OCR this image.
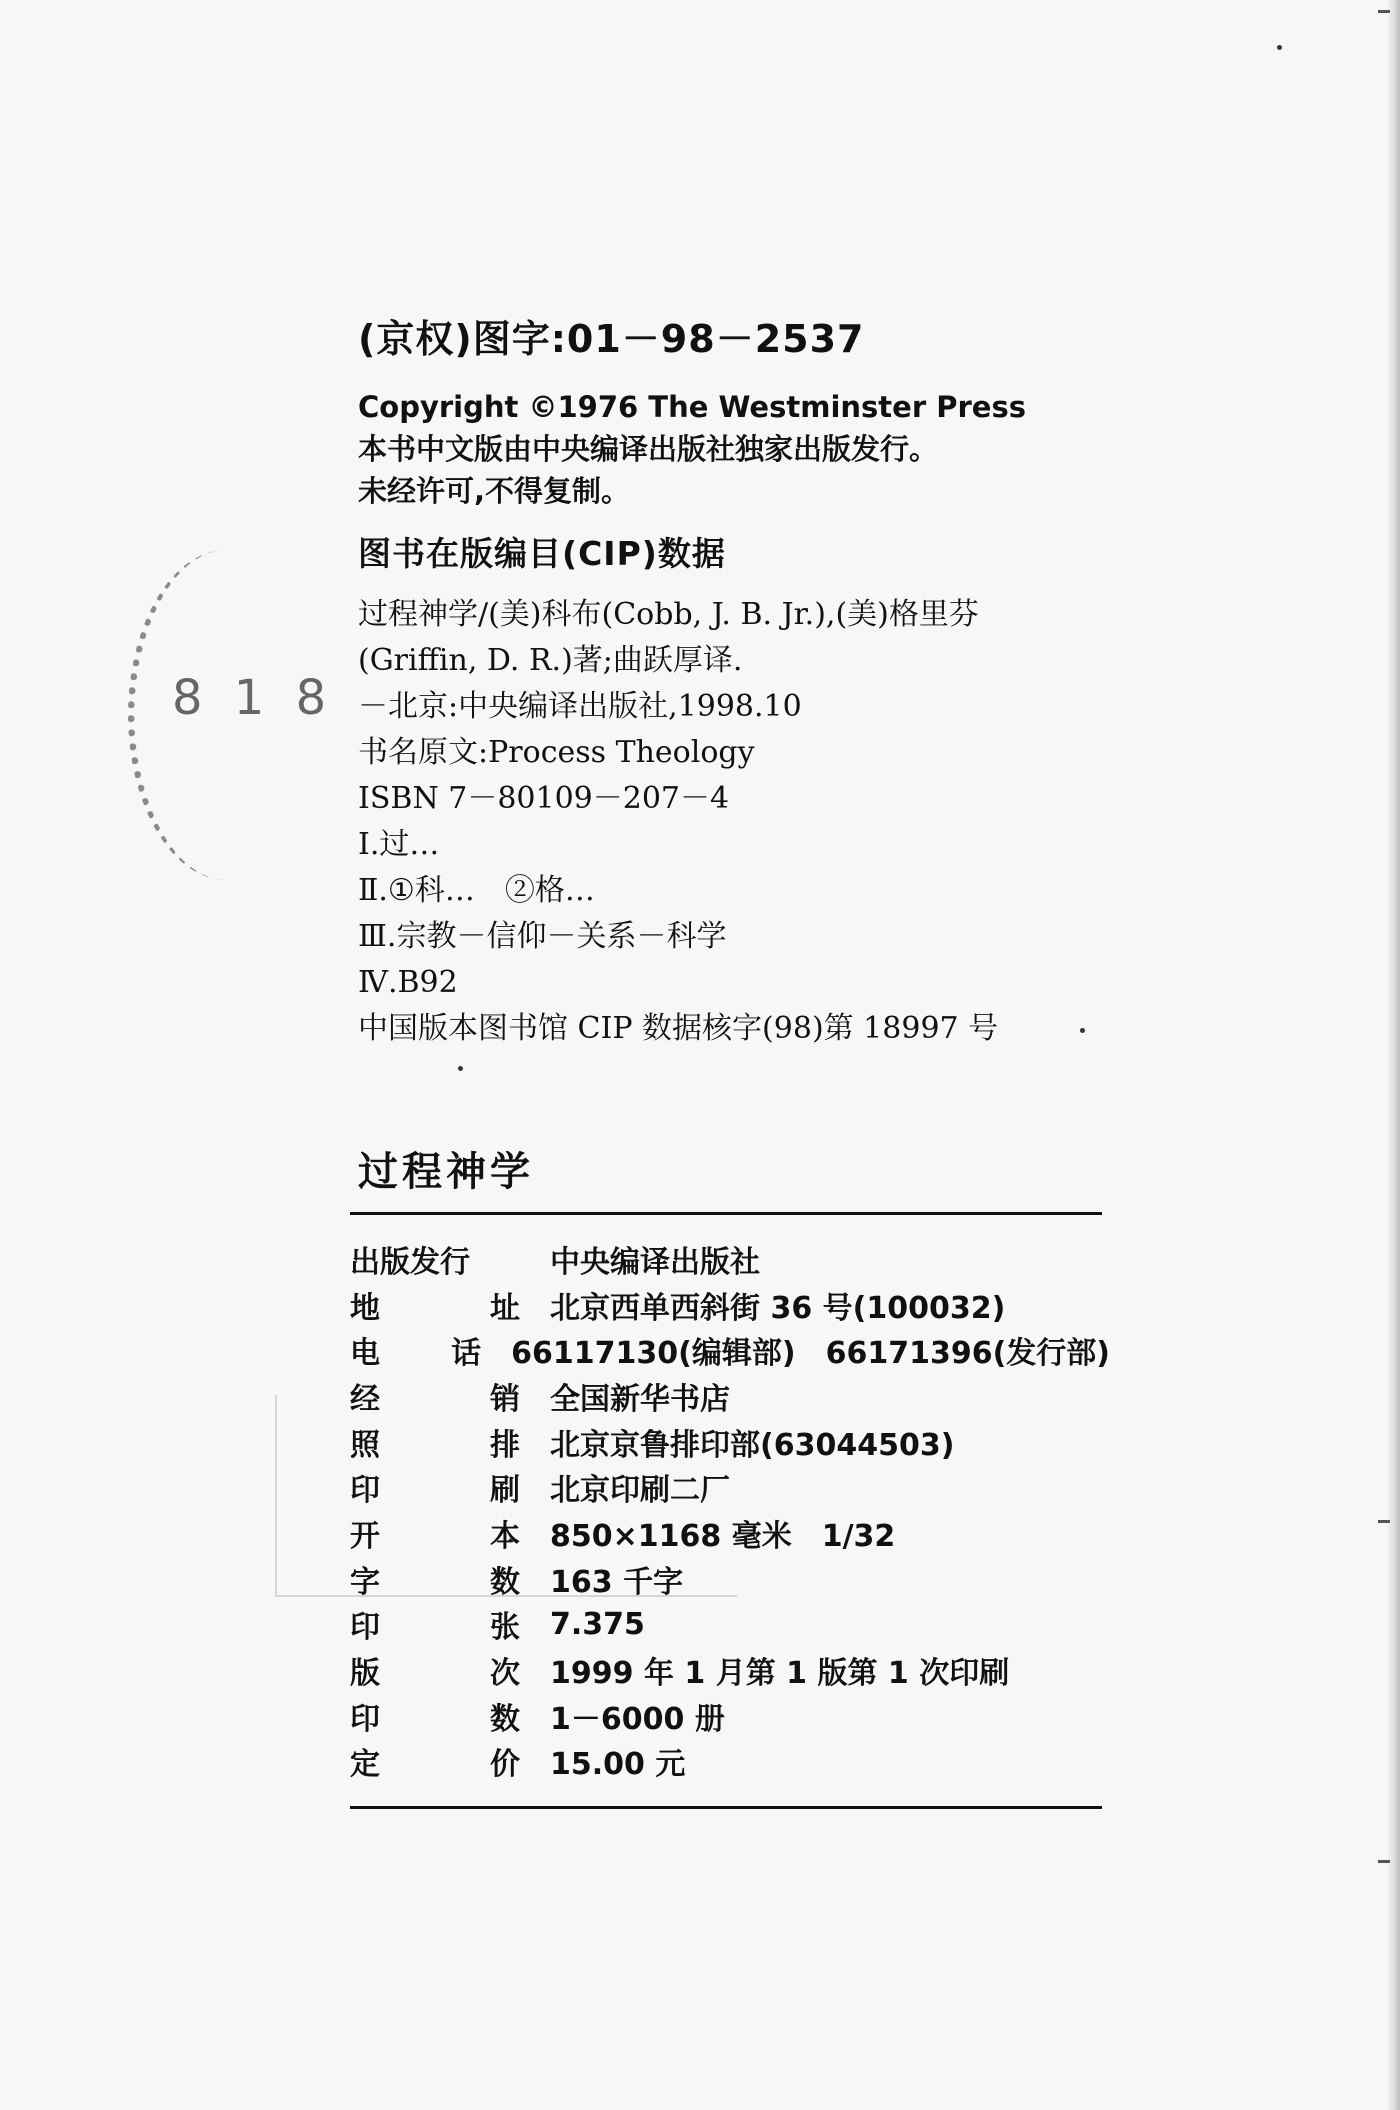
8 1 8
(京权)图字:01－98－2537
Copyright ©1976 The Westminster Press
本书中文版由中央编译出版社独家出版发行。
未经许可,不得复制。
图书在版编目(CIP)数据
过程神学/(美)科布(Cobb, J. B. Jr.),(美)格里芬
(Griffin, D. R.)著;曲跃厚译.
－北京:中央编译出版社,1998.10
书名原文:Process Theology
ISBN 7－80109－207－4
Ⅰ.过…
Ⅱ.①科…　②格…
Ⅲ.宗教－信仰－关系－科学
Ⅳ.B92
中国版本图书馆 CIP 数据核字(98)第 18997 号
过程神学
出版发行	中央编译出版社
地	址 北京西单西斜街 36 号(100032)
电 话 66117130(编辑部)　66171396(发行部)
经	销 全国新华书店
照	排 北京京鲁排印部(63044503)
印	刷 北京印刷二厂
开	本 850×1168 毫米　1/32
字	数 163 千字
印	张 7.375
版	次 1999 年 1 月第 1 版第 1 次印刷
印	数 1－6000 册
定	价 15.00 元
